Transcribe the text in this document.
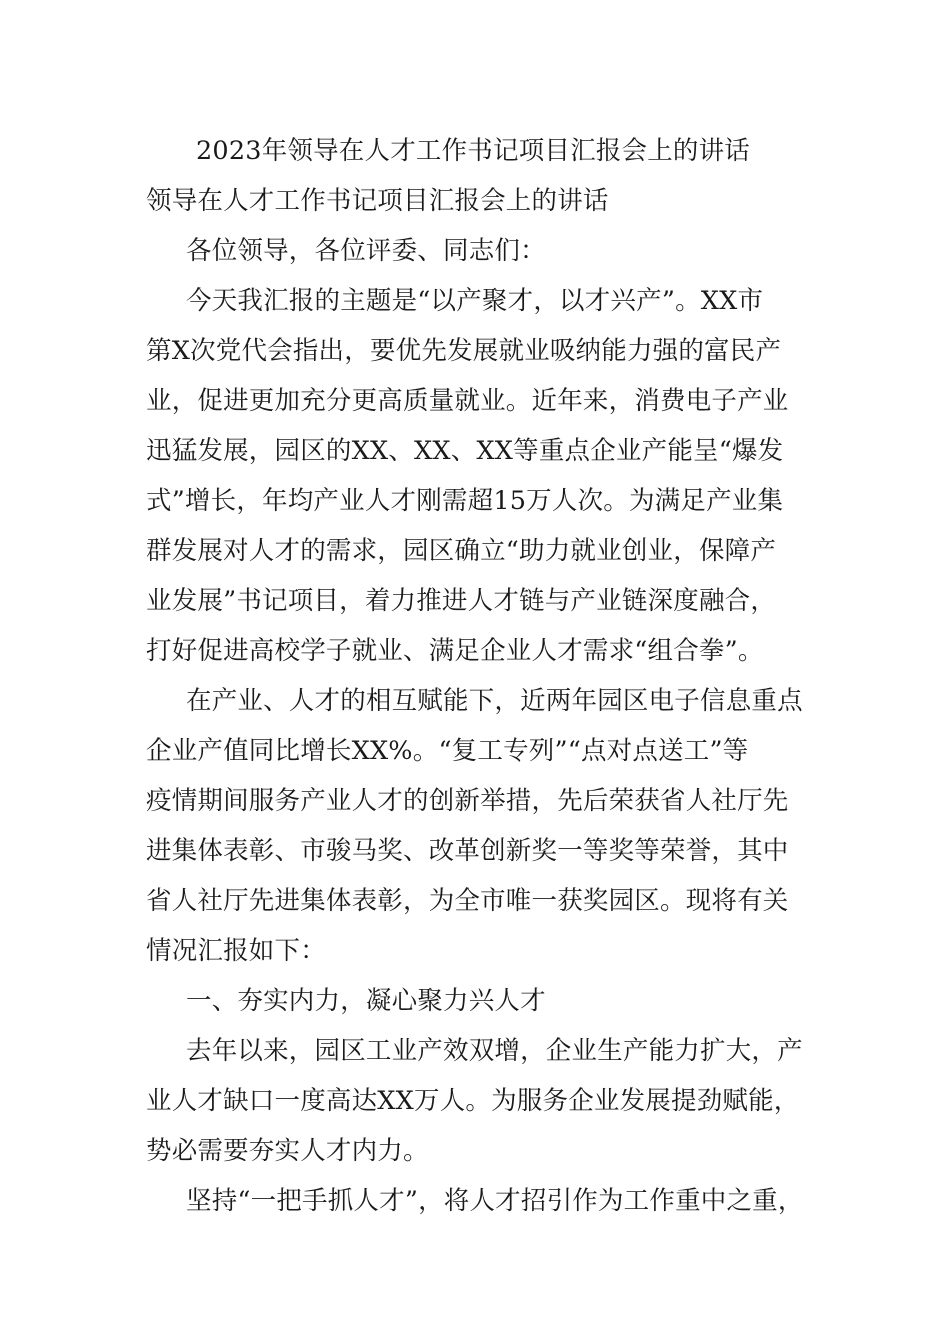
2023年领导在人才工作书记项目汇报会上的讲话
领导在人才工作书记项目汇报会上的讲话
各位领导，各位评委、同志们：
今天我汇报的主题是“以产聚才，以才兴产”。XX市
第X次党代会指出，要优先发展就业吸纳能力强的富民产
业，促进更加充分更高质量就业。近年来，消费电子产业
迅猛发展，园区的XX、XX、XX等重点企业产能呈“爆发
式”增长，年均产业人才刚需超15万人次。为满足产业集
群发展对人才的需求，园区确立“助力就业创业，保障产
业发展”书记项目，着力推进人才链与产业链深度融合，
打好促进高校学子就业、满足企业人才需求“组合拳”。
在产业、人才的相互赋能下，近两年园区电子信息重点
企业产值同比增长XX%。“复工专列”“点对点送工”等
疫情期间服务产业人才的创新举措，先后荣获省人社厅先
进集体表彰、市骏马奖、改革创新奖一等奖等荣誉，其中
省人社厅先进集体表彰，为全市唯一获奖园区。现将有关
情况汇报如下：
一、夯实内力，凝心聚力兴人才
去年以来，园区工业产效双增，企业生产能力扩大，产
业人才缺口一度高达XX万人。为服务企业发展提劲赋能，
势必需要夯实人才内力。
坚持“一把手抓人才”，将人才招引作为工作重中之重，
